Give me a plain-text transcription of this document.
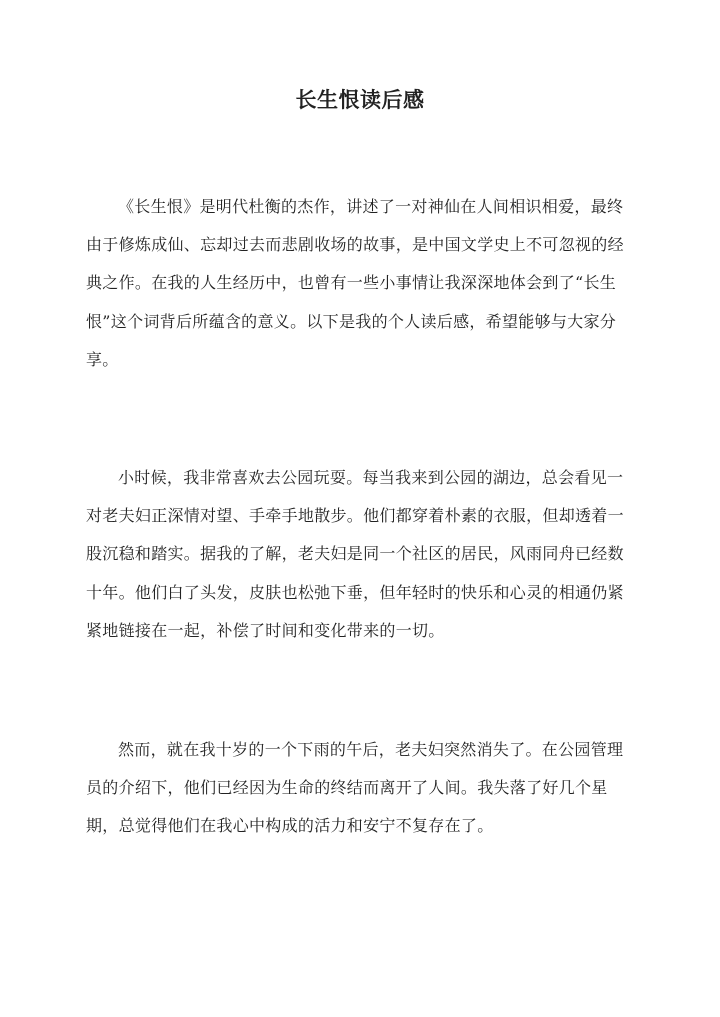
长生恨读后感

《长生恨》是明代杜衡的杰作，讲述了一对神仙在人间相识相爱，最终由于修炼成仙、忘却过去而悲剧收场的故事，是中国文学史上不可忽视的经典之作。在我的人生经历中，也曾有一些小事情让我深深地体会到了“长生恨”这个词背后所蕴含的意义。以下是我的个人读后感，希望能够与大家分享。

小时候，我非常喜欢去公园玩耍。每当我来到公园的湖边，总会看见一对老夫妇正深情对望、手牵手地散步。他们都穿着朴素的衣服，但却透着一股沉稳和踏实。据我的了解，老夫妇是同一个社区的居民，风雨同舟已经数十年。他们白了头发，皮肤也松弛下垂，但年轻时的快乐和心灵的相通仍紧紧地链接在一起，补偿了时间和变化带来的一切。

然而，就在我十岁的一个下雨的午后，老夫妇突然消失了。在公园管理员的介绍下，他们已经因为生命的终结而离开了人间。我失落了好几个星期，总觉得他们在我心中构成的活力和安宁不复存在了。
